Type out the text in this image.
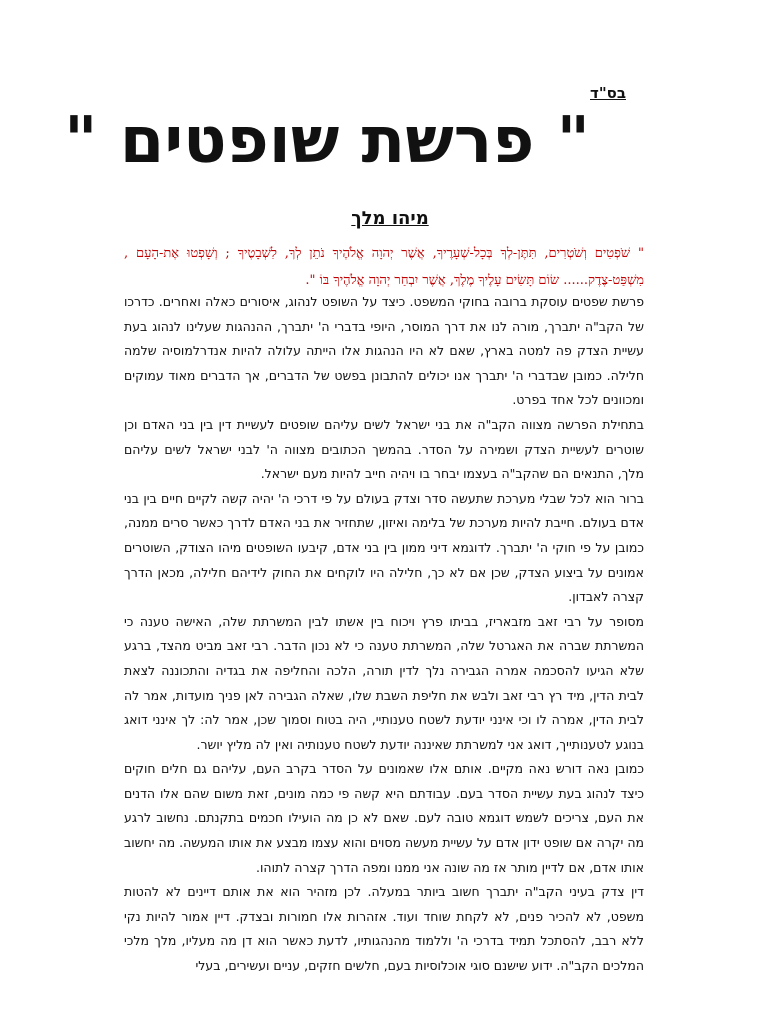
בס"ד
" פרשת שופטים "
מיהו מלך
" שֹׁפְטִים וְשֹׁטְרִים, תִּתֶּן-לְךָ בְּכָל-שְׁעָרֶיךָ, אֲשֶׁר יְהוָה אֱלֹהֶיךָ נֹתֵן לְךָ, לִשְׁבָטֶיךָ ; וְשָׁפְטוּ אֶת-הָעָם , מִשְׁפַּט-צֶדֶק...... שׂוֹם תָּשִׂים עָלֶיךָ מֶלֶךְ, אֲשֶׁר יִבְחַר יְהוָה אֱלֹהֶיךָ בּוֹ ".

פרשת שפטים עוסקת ברובה בחוקי המשפט. כיצד על השופט לנהוג, איסורים כאלה ואחרים. כדרכו של הקב"ה יתברך, מורה לנו את דרך המוסר, היופי בדברי ה' יתברך, ההנהגות שעלינו לנהוג בעת עשיית הצדק פה למטה בארץ, שאם לא היו הנהגות אלו הייתה עלולה להיות אנדרלמוסיה שלמה חלילה. כמובן שבדברי ה' יתברך אנו יכולים להתבונן בפשט של הדברים, אך הדברים מאוד עמוקים ומכוונים לכל אחד בפרט.

בתחילת הפרשה מצווה הקב"ה את בני ישראל לשים עליהם שופטים לעשיית דין בין בני האדם וכן שוטרים לעשיית הצדק ושמירה על הסדר. בהמשך הכתובים מצווה ה' לבני ישראל לשים עליהם מלך, התנאים הם שהקב"ה בעצמו יבחר בו ויהיה חייב להיות מעם ישראל.

ברור הוא לכל שבלי מערכת שתעשה סדר וצדק בעולם על פי דרכי ה' יהיה קשה לקיים חיים בין בני אדם בעולם. חייבת להיות מערכת של בלימה ואיזון, שתחזיר את בני האדם לדרך כאשר סרים ממנה, כמובן על פי חוקי ה' יתברך. לדוגמא דיני ממון בין בני אדם, קיבעו השופטים מיהו הצודק, השוטרים אמונים על ביצוע הצדק, שכן אם לא כך, חלילה היו לוקחים את החוק לידיהם חלילה, מכאן הדרך קצרה לאבדון.

מסופר על רבי זאב מזבאריז, בביתו פרץ ויכוח בין אשתו לבין המשרתת שלה, האישה טענה כי המשרתת שברה את האגרטל שלה, המשרתת טענה כי לא נכון הדבר. רבי זאב מביט מהצד, ברגע שלא הגיעו להסכמה אמרה הגבירה נלך לדין תורה, הלכה והחליפה את בגדיה והתכוננה לצאת לבית הדין, מיד רץ רבי זאב ולבש את חליפת השבת שלו, שאלה הגבירה לאן פניך מועדות, אמר לה לבית הדין, אמרה לו וכי אינני יודעת לשטח טענותיי, היה בטוח וסמוך שכן, אמר לה: לך אינני דואג בנוגע לטענותייך, דואג אני למשרתת שאיננה יודעת לשטח טענותיה ואין לה מליץ יושר.

כמובן נאה דורש נאה מקיים. אותם אלו שאמונים על הסדר בקרב העם, עליהם גם חלים חוקים כיצד לנהוג בעת עשיית הסדר בעם. עבודתם היא קשה פי כמה מונים, זאת משום שהם אלו הדנים את העם, צריכים לשמש דוגמא טובה לעם. שאם לא כן מה הועילו חכמים בתקנתם. נחשוב לרגע מה יקרה אם שופט ידון אדם על עשיית מעשה מסוים והוא עצמו מבצע את אותו המעשה. מה יחשוב אותו אדם, אם לדיין מותר אז מה שונה אני ממנו ומפה הדרך קצרה לתוהו.

דין צדק בעיני הקב"ה יתברך חשוב ביותר במעלה. לכן מזהיר הוא את אותם דיינים לא להטות משפט, לא להכיר פנים, לא לקחת שוחד ועוד. אזהרות אלו חמורות ובצדק. דיין אמור להיות נקי ללא רבב, להסתכל תמיד בדרכי ה' וללמוד מהנהגותיו, לדעת כאשר הוא דן מה מעליו, מלך מלכי המלכים הקב"ה. ידוע שישנם סוגי אוכלוסיות בעם, חלשים חזקים, עניים ועשירים, בעלי
